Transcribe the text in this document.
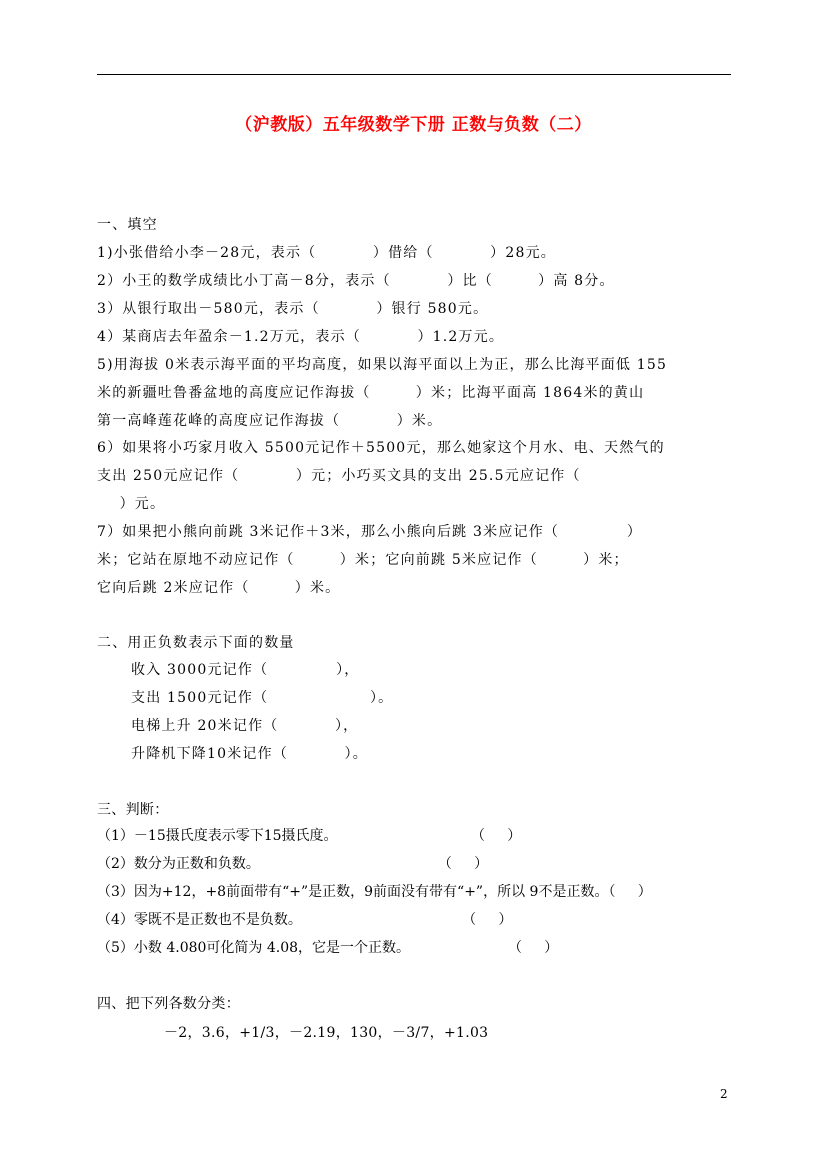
（沪教版）五年级数学下册 正数与负数（二）
一、填空
1)小张借给小李－28元，表示（          ）借给（          ）28元。
2）小王的数学成绩比小丁高－8分，表示（          ）比（        ）高 8分。
3）从银行取出－580元，表示（          ）银行 580元。
4）某商店去年盈余－1.2万元，表示（          ）1.2万元。
5)用海拔 0米表示海平面的平均高度，如果以海平面以上为正，那么比海平面低 155
米的新疆吐鲁番盆地的高度应记作海拔（        ）米；比海平面高 1864米的黄山
第一高峰莲花峰的高度应记作海拔（          ）米。
6）如果将小巧家月收入 5500元记作＋5500元，那么她家这个月水、电、天然气的
支出 250元应记作（          ）元；小巧买文具的支出 25.5元应记作（
）元。
7）如果把小熊向前跳 3米记作＋3米，那么小熊向后跳 3米应记作（            ）
米；它站在原地不动应记作（        ）米；它向前跳 5米应记作（        ）米；
它向后跳 2米应记作（        ）米。
二、用正负数表示下面的数量
收入 3000元记作（            ），
支出 1500元记作（                  ）。
电梯上升 20米记作（          ），
升降机下降10米记作（          ）。
三、判断：
（1）－15摄氏度表示零下15摄氏度。                              （     ）
（2）数分为正数和负数。                                        （     ）
（3）因为+12，+8前面带有“+”是正数，9前面没有带有“+”，所以 9不是正数。（     ）
（4）零既不是正数也不是负数。                                    （     ）
（5）小数 4.080可化简为 4.08，它是一个正数。                      （     ）
四、把下列各数分类：
－2，3.6，+1/3，－2.19，130，－3/7，+1.03
2
